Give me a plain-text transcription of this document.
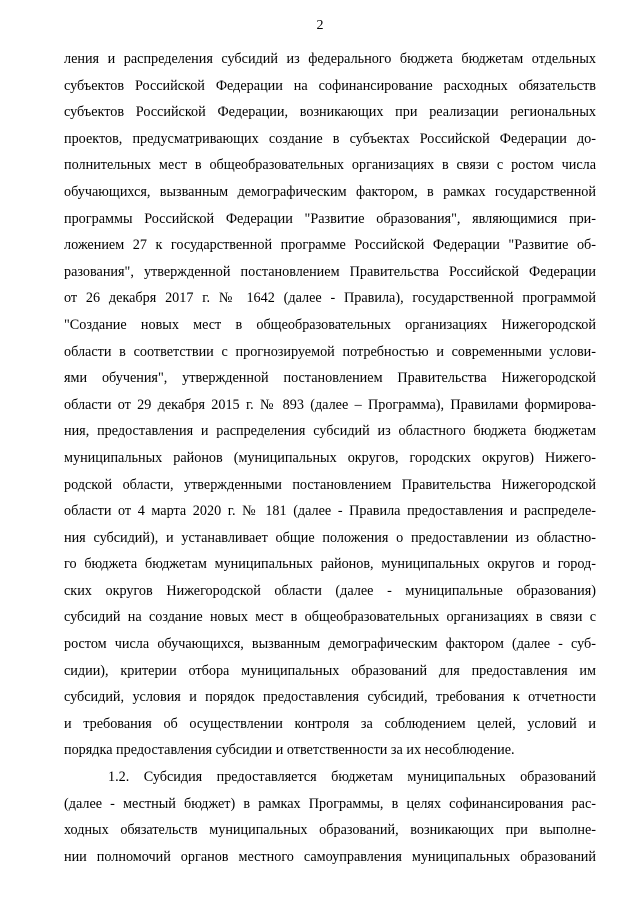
2
ления и распределения субсидий из федерального бюджета бюджетам отдельных
субъектов Российской Федерации на софинансирование расходных обязательств
субъектов Российской Федерации, возникающих при реализации региональных
проектов, предусматривающих создание в субъектах Российской Федерации до-
полнительных мест в общеобразовательных организациях в связи с ростом числа
обучающихся, вызванным демографическим фактором, в рамках государственной
программы Российской Федерации "Развитие образования", являющимися при-
ложением 27 к государственной программе Российской Федерации "Развитие об-
разования", утвержденной постановлением Правительства Российской Федерации
от 26 декабря 2017 г. № 1642 (далее - Правила), государственной программой
"Создание новых мест в общеобразовательных организациях Нижегородской
области в соответствии с прогнозируемой потребностью и современными услови-
ями обучения", утвержденной постановлением Правительства Нижегородской
области от 29 декабря 2015 г. № 893 (далее – Программа), Правилами формирова-
ния, предоставления и распределения субсидий из областного бюджета бюджетам
муниципальных районов (муниципальных округов, городских округов) Нижего-
родской области, утвержденными постановлением Правительства Нижегородской
области от 4 марта 2020 г. № 181 (далее - Правила предоставления и распределе-
ния субсидий), и устанавливает общие положения о предоставлении из областно-
го бюджета бюджетам муниципальных районов, муниципальных округов и город-
ских округов Нижегородской области (далее - муниципальные образования)
субсидий на создание новых мест в общеобразовательных организациях в связи с
ростом числа обучающихся, вызванным демографическим фактором (далее - суб-
сидии), критерии отбора муниципальных образований для предоставления им
субсидий, условия и порядок предоставления субсидий, требования к отчетности
и требования об осуществлении контроля за соблюдением целей, условий и
порядка предоставления субсидии и ответственности за их несоблюдение.
1.2. Субсидия предоставляется бюджетам муниципальных образований
(далее - местный бюджет) в рамках Программы, в целях софинансирования рас-
ходных обязательств муниципальных образований, возникающих при выполне-
нии полномочий органов местного самоуправления муниципальных образований
